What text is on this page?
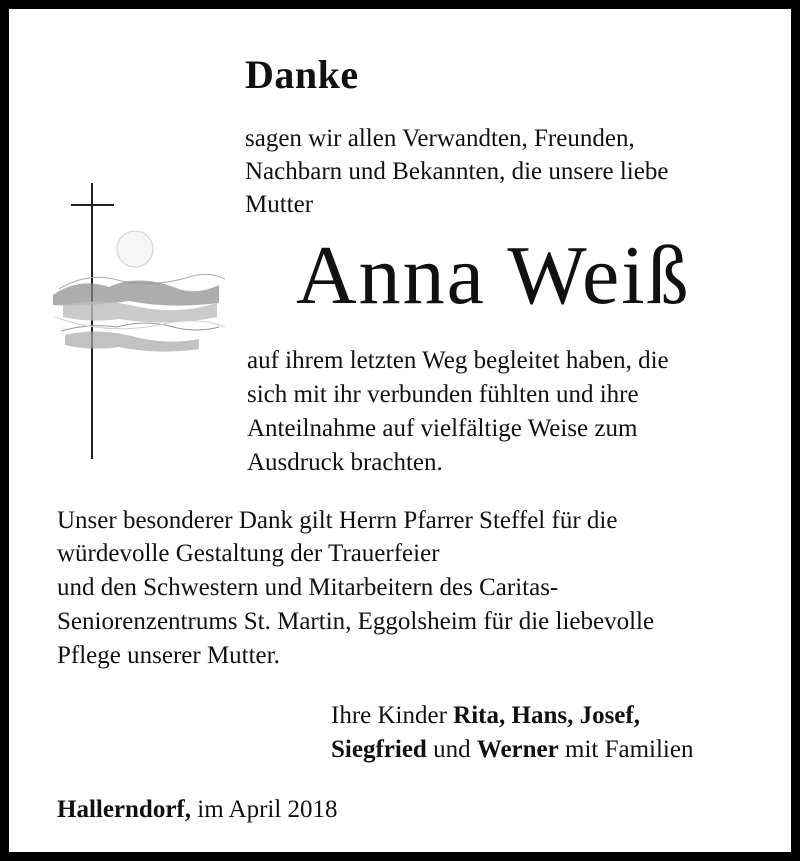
Danke
sagen wir allen Verwandten, Freunden,
Nachbarn und Bekannten, die unsere liebe
Mutter
Anna Weiß
auf ihrem letzten Weg begleitet haben, die
sich mit ihr verbunden fühlten und ihre
Anteilnahme auf vielfältige Weise zum
Ausdruck brachten.
Unser besonderer Dank gilt Herrn Pfarrer Steffel für die
würdevolle Gestaltung der Trauerfeier
und den Schwestern und Mitarbeitern des Caritas-
Seniorenzentrums St. Martin, Eggolsheim für die liebevolle
Pflege unserer Mutter.
Ihre Kinder Rita, Hans, Josef,
Siegfried und Werner mit Familien
Hallerndorf, im April 2018
